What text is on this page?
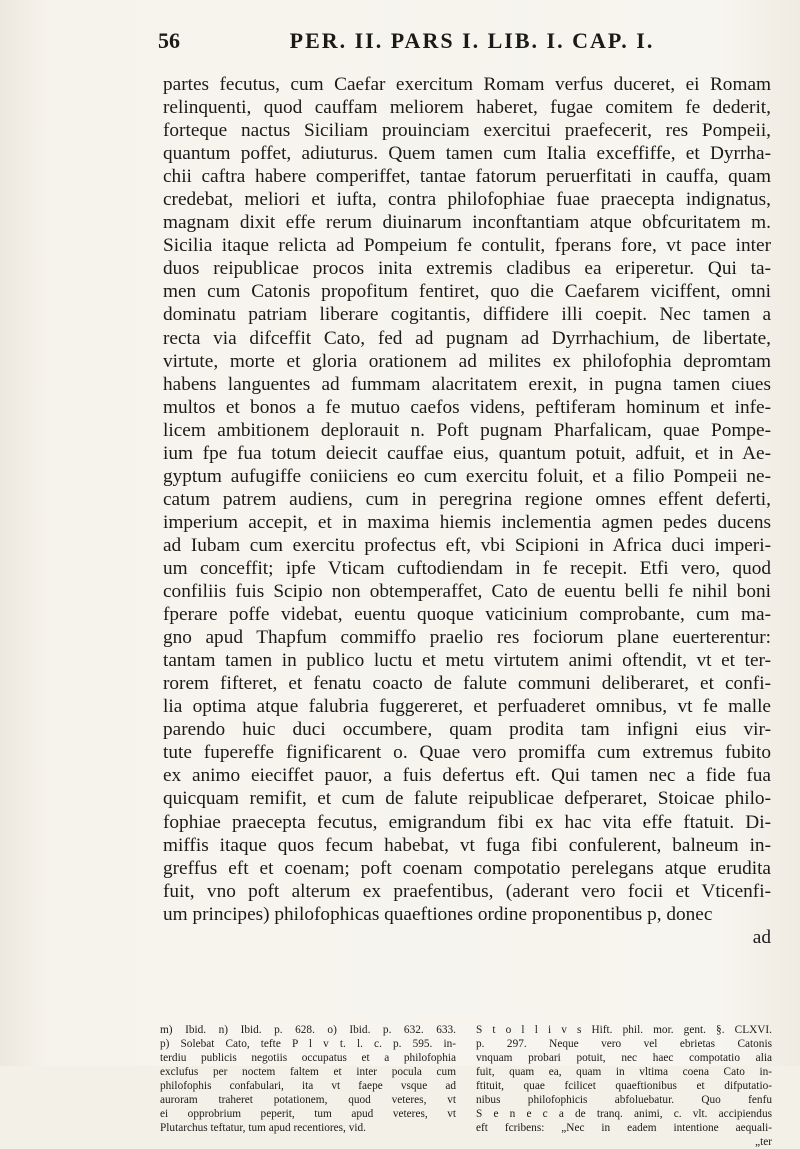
56	PER. II. PARS I. LIB. I. CAP. I.
partes fecutus, cum Caefar exercitum Romam verfus duceret, ei Romam
relinquenti, quod cauffam meliorem haberet, fugae comitem fe dederit,
forteque nactus Siciliam prouinciam exercitui praefecerit, res Pompeii,
quantum poffet, adiuturus. Quem tamen cum Italia exceffiffe, et Dyrrha-
chii caftra habere comperiffet, tantae fatorum peruerfitati in cauffa, quam
credebat, meliori et iufta, contra philofophiae fuae praecepta indignatus,
magnam dixit effe rerum diuinarum inconftantiam atque obfcuritatem m.
Sicilia itaque relicta ad Pompeium fe contulit, fperans fore, vt pace inter
duos reipublicae procos inita extremis cladibus ea eriperetur. Qui ta-
men cum Catonis propofitum fentiret, quo die Caefarem viciffent, omni
dominatu patriam liberare cogitantis, diffidere illi coepit. Nec tamen a
recta via difceffit Cato, fed ad pugnam ad Dyrrhachium, de libertate,
virtute, morte et gloria orationem ad milites ex philofophia depromtam
habens languentes ad fummam alacritatem erexit, in pugna tamen ciues
multos et bonos a fe mutuo caefos videns, peftiferam hominum et infe-
licem ambitionem deplorauit n. Poft pugnam Pharfalicam, quae Pompe-
ium fpe fua totum deiecit cauffae eius, quantum potuit, adfuit, et in Ae-
gyptum aufugiffe coniiciens eo cum exercitu foluit, et a filio Pompeii ne-
catum patrem audiens, cum in peregrina regione omnes effent deferti,
imperium accepit, et in maxima hiemis inclementia agmen pedes ducens
ad Iubam cum exercitu profectus eft, vbi Scipioni in Africa duci imperi-
um conceffit; ipfe Vticam cuftodiendam in fe recepit. Etfi vero, quod
confiliis fuis Scipio non obtemperaffet, Cato de euentu belli fe nihil boni
fperare poffe videbat, euentu quoque vaticinium comprobante, cum ma-
gno apud Thapfum commiffo praelio res fociorum plane euerterentur:
tantam tamen in publico luctu et metu virtutem animi oftendit, vt et ter-
rorem fifteret, et fenatu coacto de falute communi deliberaret, et confi-
lia optima atque falubria fuggereret, et perfuaderet omnibus, vt fe malle
parendo huic duci occumbere, quam prodita tam infigni eius vir-
tute fupereffe fignificarent o. Quae vero promiffa cum extremus fubito
ex animo eieciffet pauor, a fuis defertus eft. Qui tamen nec a fide fua
quicquam remifit, et cum de falute reipublicae defperaret, Stoicae philo-
fophiae praecepta fecutus, emigrandum fibi ex hac vita effe ftatuit. Di-
miffis itaque quos fecum habebat, vt fuga fibi confulerent, balneum in-
greffus eft et coenam; poft coenam compotatio perelegans atque erudita
fuit, vno poft alterum ex praefentibus, (aderant vero focii et Vticenfi-
um principes) philofophicas quaeftiones ordine proponentibus p, donec
ad
m) Ibid. n) Ibid. p. 628. o) Ibid. p. 632. 633.
p) Solebat Cato, tefte P l v t. l. c. p. 595. in-
terdiu publicis negotiis occupatus et a philofophia
exclufus per noctem faltem et inter pocula cum
philofophis confabulari, ita vt faepe vsque ad
auroram traheret potationem, quod veteres, vt
ei opprobrium peperit, tum apud veteres, vt
Plutarchus teftatur, tum apud recentiores, vid.
S t o l l i v s Hift. phil. mor. gent. §. CLXVI.
p. 297. Neque vero vel ebrietas Catonis
vnquam probari potuit, nec haec compotatio alia
fuit, quam ea, quam in vltima coena Cato in-
ftituit, quae fcilicet quaeftionibus et difputatio-
nibus philofophicis abfoluebatur. Quo fenfu
S e n e c a de tranq. animi, c. vlt. accipiendus
eft fcribens: „Nec in eadem intentione aequali-
„ter
